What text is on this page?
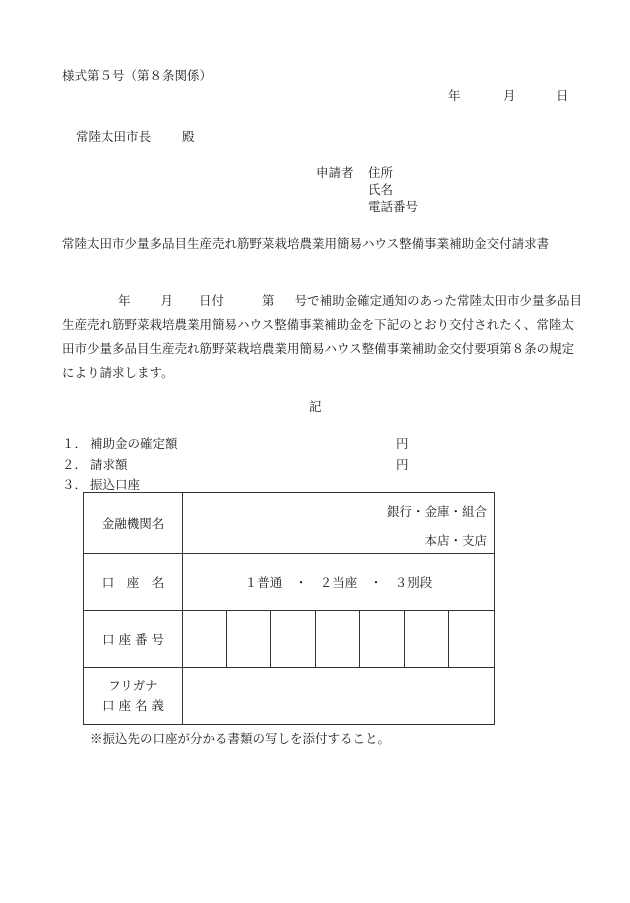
様式第５号（第８条関係）
年	月	日
常陸太田市長 殿
申請者 住所
氏名
電話番号
常陸太田市少量多品目生産売れ筋野菜栽培農業用簡易ハウス整備事業補助金交付請求書
年 月 日付	第 号で補助金確定通知のあった常陸太田市少量多品目生産売れ筋野菜栽培農業用簡易ハウス整備事業補助金を下記のとおり交付されたく、常陸太田市少量多品目生産売れ筋野菜栽培農業用簡易ハウス整備事業補助金交付要項第８条の規定により請求します。
記
１． 補助金の確定額	円
２． 請求額	円
３． 振込口座
金融機関名	銀行・金庫・組合
本店・支店						

口　座　名	１普通　・　２当座　・　３別段						
口 座 番 号							

フリガナ
口 座 名 義							

※振込先の口座が分かる書類の写しを添付すること。
